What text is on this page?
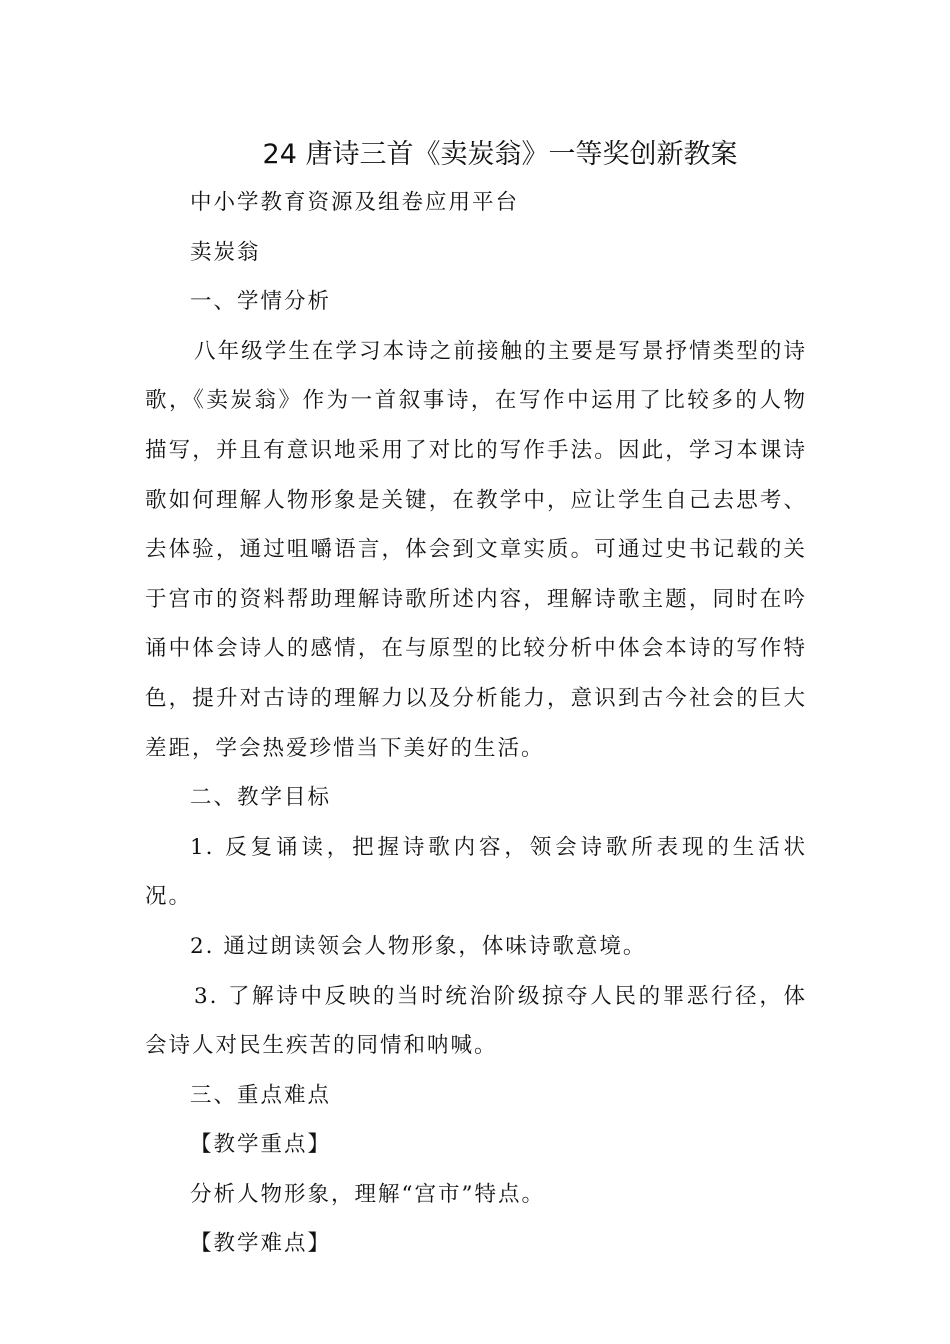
24 唐诗三首《卖炭翁》一等奖创新教案

中小学教育资源及组卷应用平台

卖炭翁

一、学情分析

八年级学生在学习本诗之前接触的主要是写景抒情类型的诗歌，《卖炭翁》作为一首叙事诗，在写作中运用了比较多的人物描写，并且有意识地采用了对比的写作手法。因此，学习本课诗歌如何理解人物形象是关键，在教学中，应让学生自己去思考、去体验，通过咀嚼语言，体会到文章实质。可通过史书记载的关于宫市的资料帮助理解诗歌所述内容，理解诗歌主题，同时在吟诵中体会诗人的感情，在与原型的比较分析中体会本诗的写作特色，提升对古诗的理解力以及分析能力，意识到古今社会的巨大差距，学会热爱珍惜当下美好的生活。

二、教学目标

1. 反复诵读，把握诗歌内容，领会诗歌所表现的生活状况。

2. 通过朗读领会人物形象，体味诗歌意境。

3. 了解诗中反映的当时统治阶级掠夺人民的罪恶行径，体会诗人对民生疾苦的同情和呐喊。

三、重点难点

【教学重点】

分析人物形象，理解“宫市”特点。

【教学难点】
